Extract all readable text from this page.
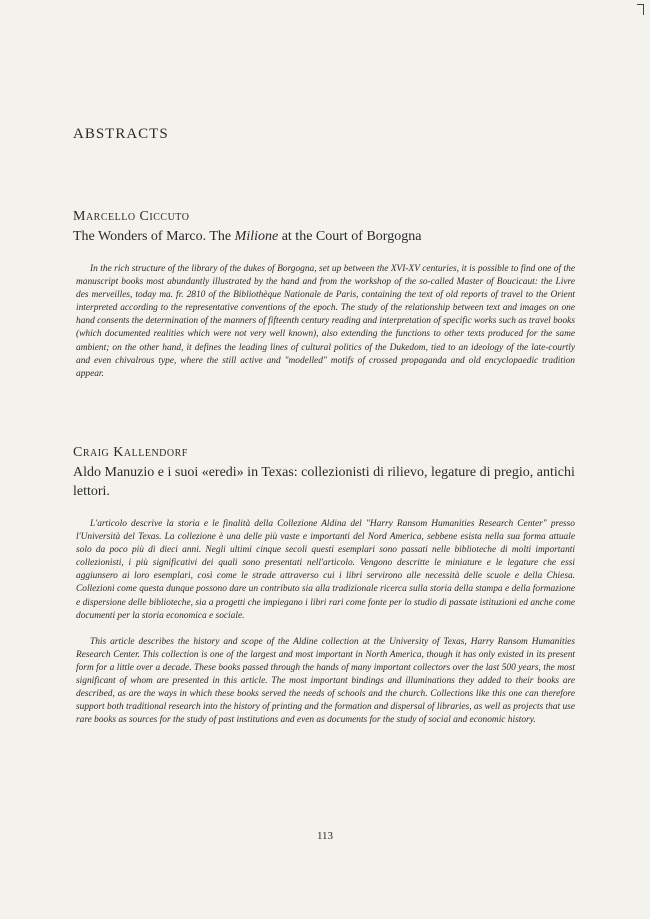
ABSTRACTS
Marcello Ciccuto
The Wonders of Marco. The Milione at the Court of Borgogna

In the rich structure of the library of the dukes of Borgogna, set up between the XVI-XV centuries, it is possible to find one of the manuscript books most abundantly illustrated by the hand and from the workshop of the so-called Master of Boucicaut: the Livre des merveilles, today ma. fr. 2810 of the Bibliothèque Nationale de Paris, containing the text of old reports of travel to the Orient interpreted according to the representative conventions of the epoch. The study of the relationship between text and images on one hand consents the determination of the manners of fifteenth century reading and interpretation of specific works such as travel books (which documented realities which were not very well known), also extending the functions to other texts produced for the same ambient; on the other hand, it defines the leading lines of cultural politics of the Dukedom, tied to an ideology of the late-courtly and even chivalrous type, where the still active and "modelled" motifs of crossed propaganda and old encyclopaedic tradition appear.

Craig Kallendorf
Aldo Manuzio e i suoi «eredi» in Texas: collezionisti di rilievo, legature di pregio, antichi lettori.

L'articolo descrive la storia e le finalità della Collezione Aldina del "Harry Ransom Humanities Research Center" presso l'Università del Texas. La collezione è una delle più vaste e importanti del Nord America, sebbene esista nella sua forma attuale solo da poco più di dieci anni. Negli ultimi cinque secoli questi esemplari sono passati nelle biblioteche di molti importanti collezionisti, i più significativi dei quali sono presentati nell'articolo. Vengono descritte le miniature e le legature che essi aggiunsero ai loro esemplari, così come le strade attraverso cui i libri servirono alle necessità delle scuole e della Chiesa. Collezioni come questa dunque possono dare un contributo sia alla tradizionale ricerca sulla storia della stampa e della formazione e dispersione delle biblioteche, sia a progetti che impiegano i libri rari come fonte per lo studio di passate istituzioni ed anche come documenti per la storia economica e sociale.

This article describes the history and scope of the Aldine collection at the University of Texas, Harry Ransom Humanities Research Center. This collection is one of the largest and most important in North America, though it has only existed in its present form for a little over a decade. These books passed through the hands of many important collectors over the last 500 years, the most significant of whom are presented in this article. The most important bindings and illuminations they added to their books are described, as are the ways in which these books served the needs of schools and the church. Collections like this one can therefore support both traditional research into the history of printing and the formation and dispersal of libraries, as well as projects that use rare books as sources for the study of past institutions and even as documents for the study of social and economic history.

113
